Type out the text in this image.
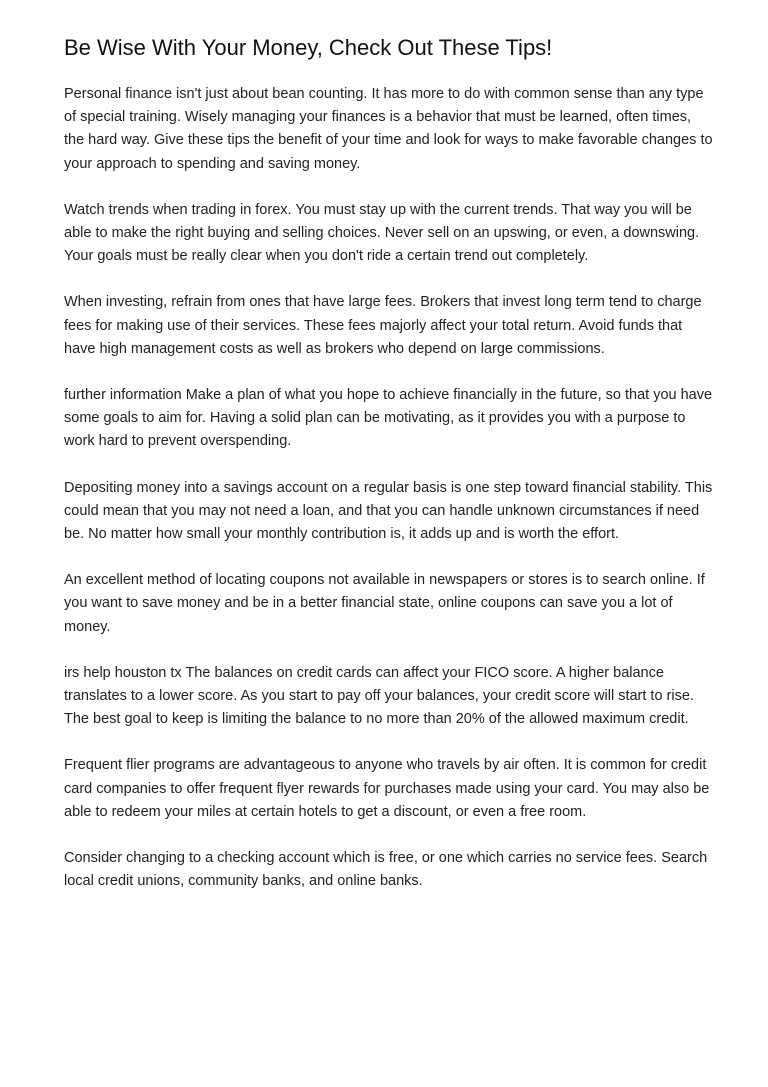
Be Wise With Your Money, Check Out These Tips!

Personal finance isn't just about bean counting. It has more to do with common sense than any type of special training. Wisely managing your finances is a behavior that must be learned, often times, the hard way. Give these tips the benefit of your time and look for ways to make favorable changes to your approach to spending and saving money.

Watch trends when trading in forex. You must stay up with the current trends. That way you will be able to make the right buying and selling choices. Never sell on an upswing, or even, a downswing. Your goals must be really clear when you don't ride a certain trend out completely.

When investing, refrain from ones that have large fees. Brokers that invest long term tend to charge fees for making use of their services. These fees majorly affect your total return. Avoid funds that have high management costs as well as brokers who depend on large commissions.

further information Make a plan of what you hope to achieve financially in the future, so that you have some goals to aim for. Having a solid plan can be motivating, as it provides you with a purpose to work hard to prevent overspending.

Depositing money into a savings account on a regular basis is one step toward financial stability. This could mean that you may not need a loan, and that you can handle unknown circumstances if need be. No matter how small your monthly contribution is, it adds up and is worth the effort.

An excellent method of locating coupons not available in newspapers or stores is to search online. If you want to save money and be in a better financial state, online coupons can save you a lot of money.

irs help houston tx The balances on credit cards can affect your FICO score. A higher balance translates to a lower score. As you start to pay off your balances, your credit score will start to rise. The best goal to keep is limiting the balance to no more than 20% of the allowed maximum credit.

Frequent flier programs are advantageous to anyone who travels by air often. It is common for credit card companies to offer frequent flyer rewards for purchases made using your card. You may also be able to redeem your miles at certain hotels to get a discount, or even a free room.

Consider changing to a checking account which is free, or one which carries no service fees. Search local credit unions, community banks, and online banks.
